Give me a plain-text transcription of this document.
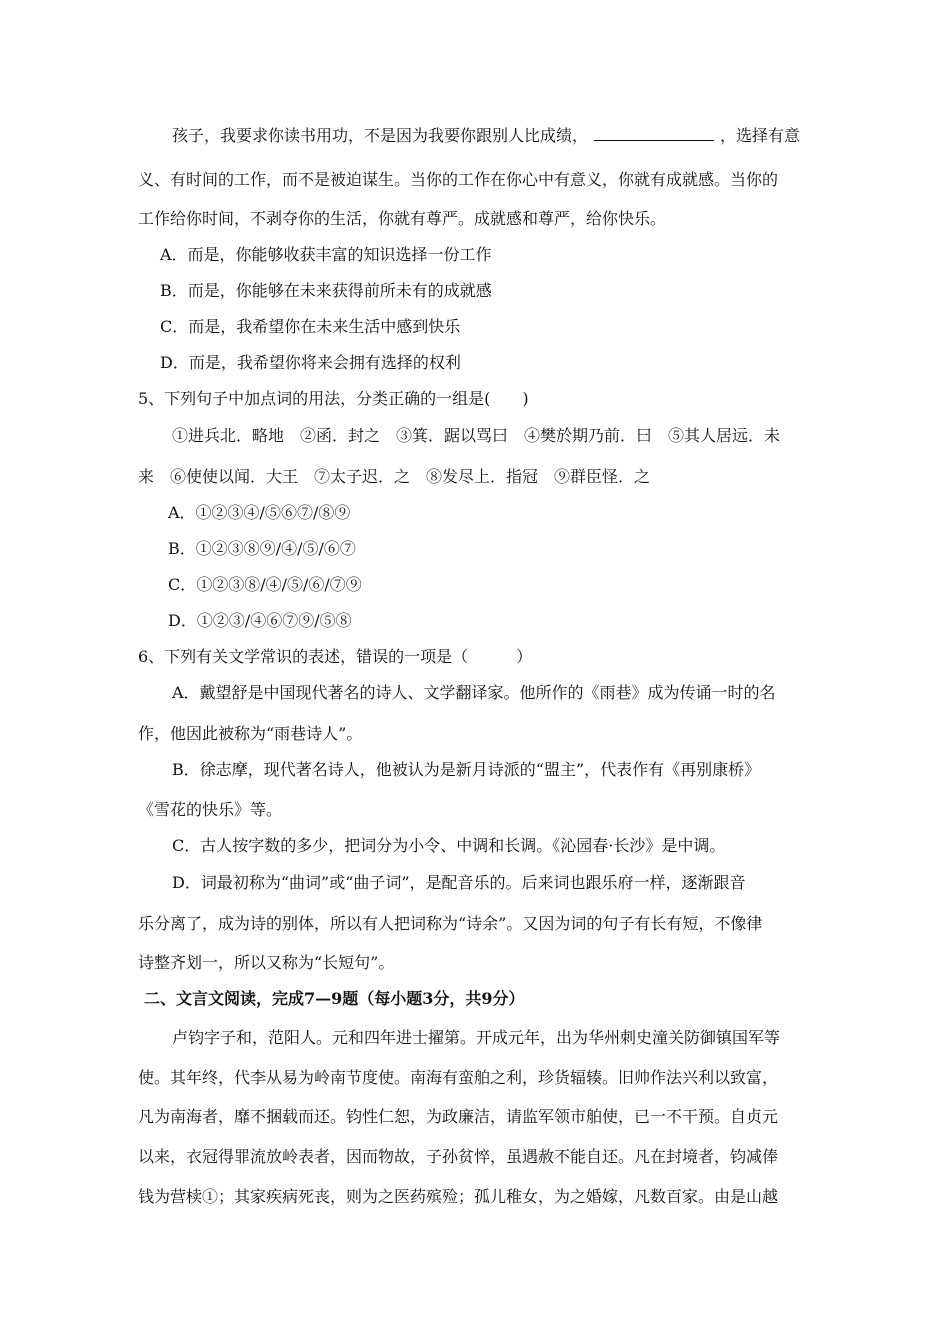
孩子，我要求你读书用功，不是因为我要你跟别人比成绩，	，选择有意
义、有时间的工作，而不是被迫谋生。当你的工作在你心中有意义，你就有成就感。当你的
工作给你时间，不剥夺你的生活，你就有尊严。成就感和尊严，给你快乐。
A．而是，你能够收获丰富的知识选择一份工作
B．而是，你能够在未来获得前所未有的成就感
C．而是，我希望你在未来生活中感到快乐
D．而是，我希望你将来会拥有选择的权利
5、下列句子中加点词的用法，分类正确的一组是(　　)
①进兵北．略地　②函．封之　③箕．踞以骂曰　④樊於期乃前．曰　⑤其人居远．未
来　⑥使使以闻．大王　⑦太子迟．之　⑧发尽上．指冠　⑨群臣怪．之
A．①②③④/⑤⑥⑦/⑧⑨
B．①②③⑧⑨/④/⑤/⑥⑦
C．①②③⑧/④/⑤/⑥/⑦⑨
D．①②③/④⑥⑦⑨/⑤⑧
6、下列有关文学常识的表述，错误的一项是（　　　）
A．戴望舒是中国现代著名的诗人、文学翻译家。他所作的《雨巷》成为传诵一时的名
作，他因此被称为“雨巷诗人”。
B．徐志摩，现代著名诗人，他被认为是新月诗派的“盟主”，代表作有《再别康桥》
《雪花的快乐》等。
C．古人按字数的多少，把词分为小令、中调和长调。《沁园春·长沙》是中调。
D．词最初称为“曲词”或“曲子词”，是配音乐的。后来词也跟乐府一样，逐渐跟音
乐分离了，成为诗的别体，所以有人把词称为“诗余”。又因为词的句子有长有短，不像律
诗整齐划一，所以又称为“长短句”。
二、文言文阅读，完成7—9题（每小题3分，共9分）
卢钧字子和，范阳人。元和四年进士擢第。开成元年，出为华州刺史潼关防御镇国军等
使。其年终，代李从易为岭南节度使。南海有蛮舶之利，珍货辐辏。旧帅作法兴利以致富，
凡为南海者，靡不捆载而还。钧性仁恕，为政廉洁，请监军领市舶使，已一不干预。自贞元
以来，衣冠得罪流放岭表者，因而物故，子孙贫悴，虽遇赦不能自还。凡在封境者，钧减俸
钱为营椟①；其家疾病死丧，则为之医药殡殓；孤儿稚女，为之婚嫁，凡数百家。由是山越
